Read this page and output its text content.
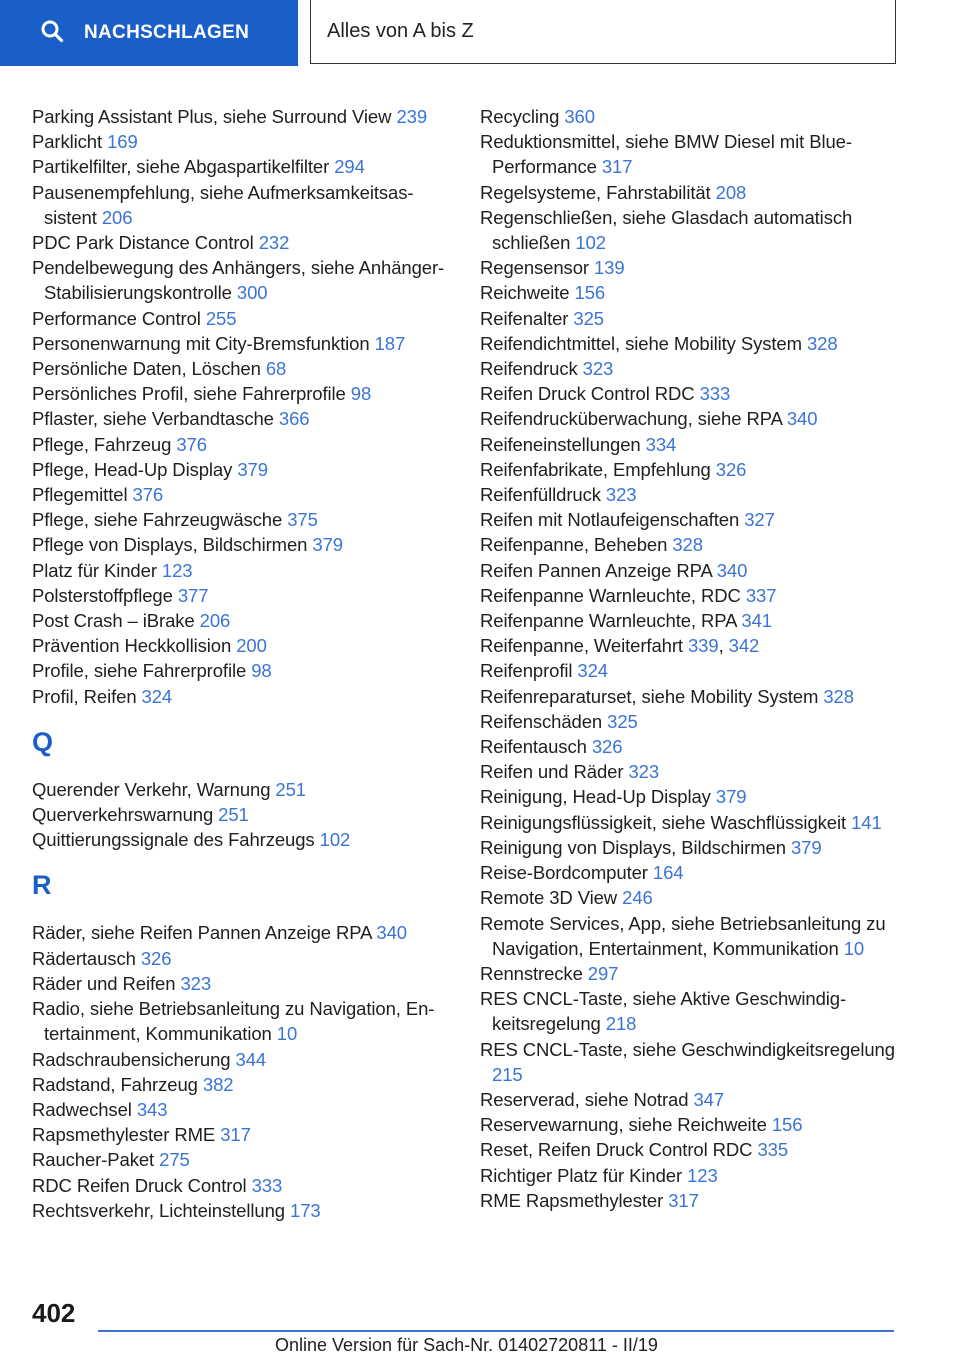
NACHSCHLAGEN	Alles von A bis Z
Parking Assistant Plus, siehe Surround View 239
Parklicht 169
Partikelfilter, siehe Abgaspartikelfilter 294
Pausenempfehlung, siehe Aufmerksamkeitsassistent 206
PDC Park Distance Control 232
Pendelbewegung des Anhängers, siehe Anhänger-Stabilisierungskontrolle 300
Performance Control 255
Personenwarnung mit City-Bremsfunktion 187
Persönliche Daten, Löschen 68
Persönliches Profil, siehe Fahrerprofile 98
Pflaster, siehe Verbandtasche 366
Pflege, Fahrzeug 376
Pflege, Head-Up Display 379
Pflegemittel 376
Pflege, siehe Fahrzeugwäsche 375
Pflege von Displays, Bildschirmen 379
Platz für Kinder 123
Polsterstoffpflege 377
Post Crash – iBrake 206
Prävention Heckkollision 200
Profile, siehe Fahrerprofile 98
Profil, Reifen 324
Q
Querender Verkehr, Warnung 251
Querverkehrswarnung 251
Quittierungssignale des Fahrzeugs 102
R
Räder, siehe Reifen Pannen Anzeige RPA 340
Rädertausch 326
Räder und Reifen 323
Radio, siehe Betriebsanleitung zu Navigation, Entertainment, Kommunikation 10
Radschraubensicherung 344
Radstand, Fahrzeug 382
Radwechsel 343
Rapsmethylester RME 317
Raucher-Paket 275
RDC Reifen Druck Control 333
Rechtsverkehr, Lichteinstellung 173
Recycling 360
Reduktionsmittel, siehe BMW Diesel mit BluePerformance 317
Regelsysteme, Fahrstabilität 208
Regenschließen, siehe Glasdach automatisch schließen 102
Regensensor 139
Reichweite 156
Reifenalter 325
Reifendichtmittel, siehe Mobility System 328
Reifendruck 323
Reifen Druck Control RDC 333
Reifendrucküberwachung, siehe RPA 340
Reifeneinstellungen 334
Reifenfabrikate, Empfehlung 326
Reifenfülldruck 323
Reifen mit Notlaufeigenschaften 327
Reifenpanne, Beheben 328
Reifen Pannen Anzeige RPA 340
Reifenpanne Warnleuchte, RDC 337
Reifenpanne Warnleuchte, RPA 341
Reifenpanne, Weiterfahrt 339, 342
Reifenprofil 324
Reifenreparaturset, siehe Mobility System 328
Reifenschäden 325
Reifentausch 326
Reifen und Räder 323
Reinigung, Head-Up Display 379
Reinigungsflüssigkeit, siehe Waschflüssigkeit 141
Reinigung von Displays, Bildschirmen 379
Reise-Bordcomputer 164
Remote 3D View 246
Remote Services, App, siehe Betriebsanleitung zu Navigation, Entertainment, Kommunikation 10
Rennstrecke 297
RES CNCL-Taste, siehe Aktive Geschwindigkeitsregelung 218
RES CNCL-Taste, siehe Geschwindigkeitsregelung 215
Reserverad, siehe Notrad 347
Reservewarnung, siehe Reichweite 156
Reset, Reifen Druck Control RDC 335
Richtiger Platz für Kinder 123
RME Rapsmethylester 317
402
Online Version für Sach-Nr. 01402720811 - II/19
